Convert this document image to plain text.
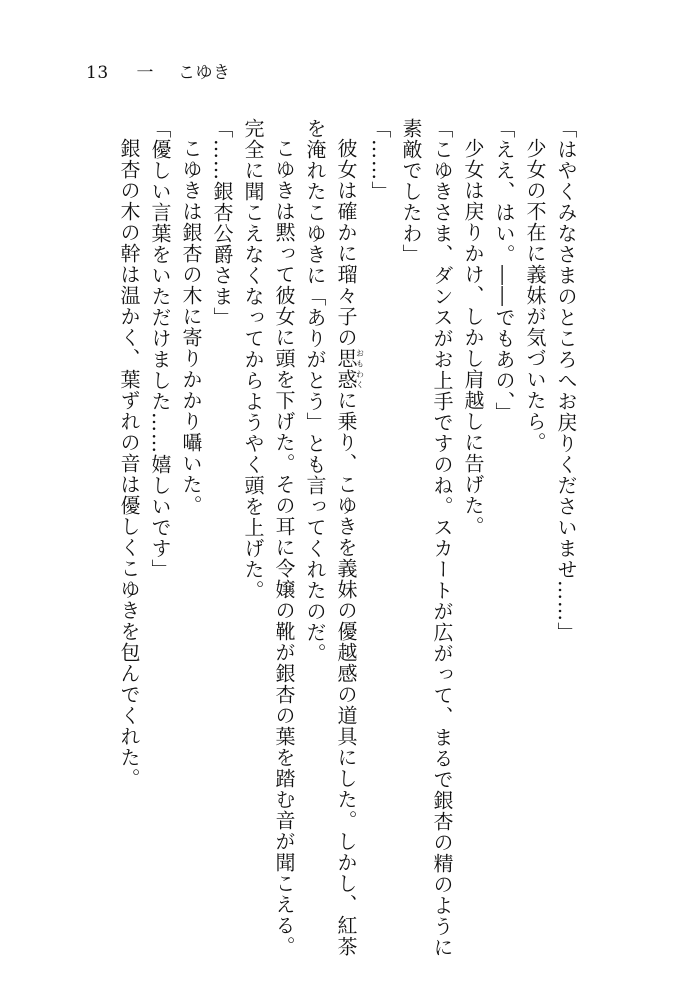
13 一 こゆき
「はやくみなさまのところへお戻りくださいませ……」
少女の不在に義妹が気づいたら。
「ええ、はい。――でもあの、」
少女は戻りかけ、しかし肩越しに告げた。
「こゆきさま、ダンスがお上手ですのね。スカートが広がって、まるで銀杏の精のように
素敵でしたわ」
「……」
彼女は確かに瑠々子の思惑おもわくに乗り、こゆきを義妹の優越感の道具にした。しかし、紅茶
を淹れたこゆきに「ありがとう」とも言ってくれたのだ。
こゆきは黙って彼女に頭を下げた。その耳に令嬢の靴が銀杏の葉を踏む音が聞こえる。
完全に聞こえなくなってからようやく頭を上げた。
「……銀杏公爵さま」
こゆきは銀杏の木に寄りかかり囁いた。
「優しい言葉をいただけました……嬉しいです」
銀杏の木の幹は温かく、葉ずれの音は優しくこゆきを包んでくれた。
